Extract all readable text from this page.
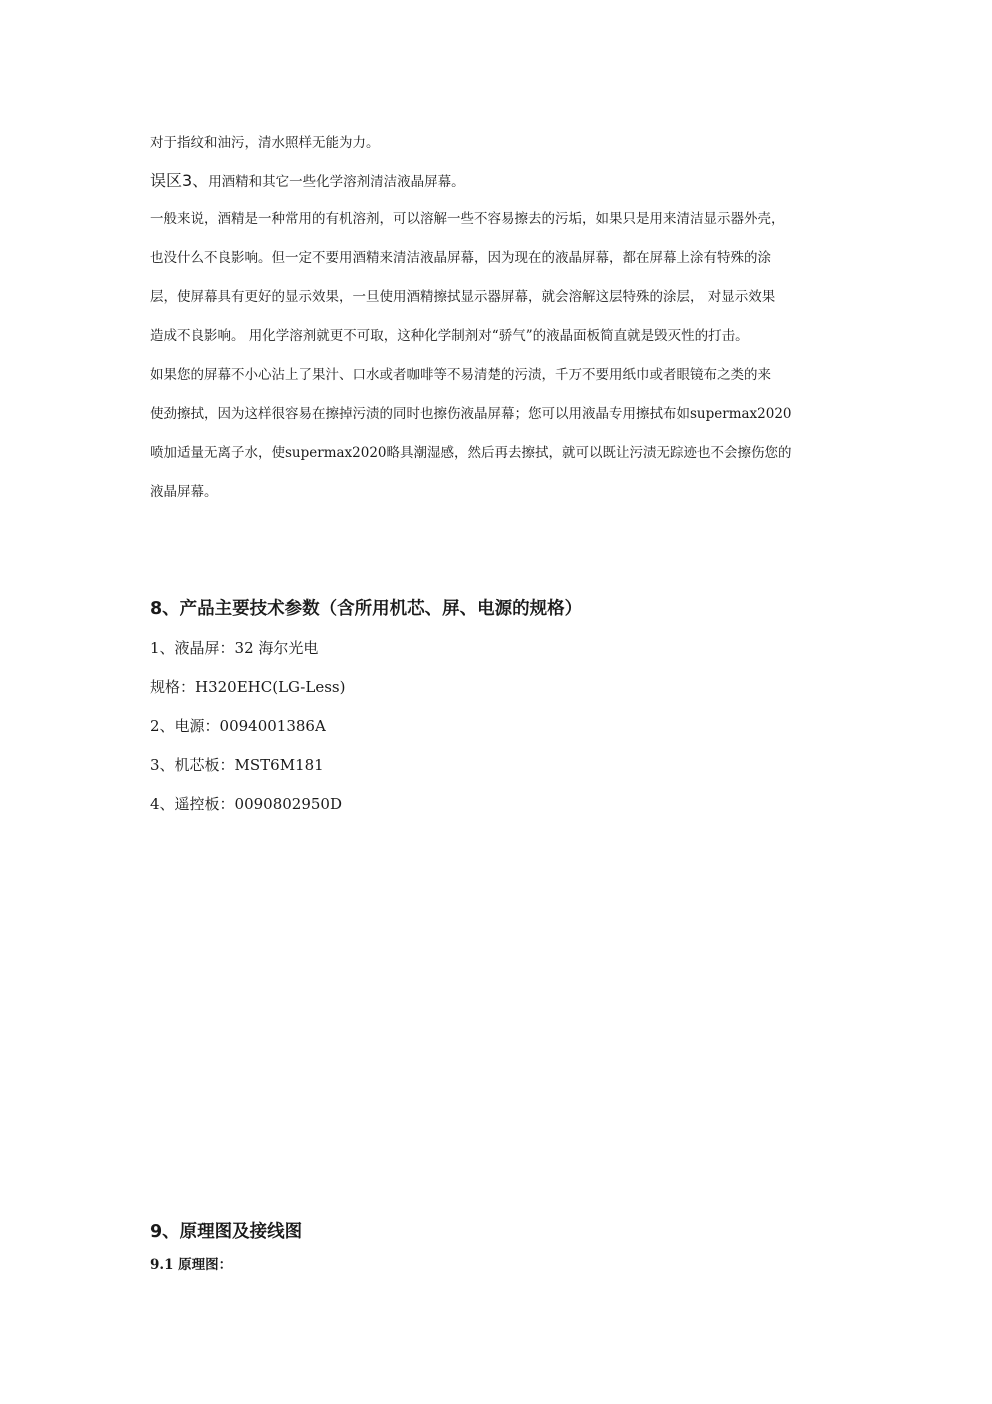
对于指纹和油污，清水照样无能为力。
误区3、用酒精和其它一些化学溶剂清洁液晶屏幕。
一般来说，酒精是一种常用的有机溶剂，可以溶解一些不容易擦去的污垢，如果只是用来清洁显示器外壳，
也没什么不良影响。但一定不要用酒精来清洁液晶屏幕，因为现在的液晶屏幕，都在屏幕上涂有特殊的涂
层，使屏幕具有更好的显示效果，一旦使用酒精擦拭显示器屏幕，就会溶解这层特殊的涂层， 对显示效果
造成不良影响。 用化学溶剂就更不可取，这种化学制剂对“骄气”的液晶面板简直就是毁灭性的打击。
如果您的屏幕不小心沾上了果汁、口水或者咖啡等不易清楚的污渍，千万不要用纸巾或者眼镜布之类的来
使劲擦拭，因为这样很容易在擦掉污渍的同时也擦伤液晶屏幕；您可以用液晶专用擦拭布如supermax2020
喷加适量无离子水，使supermax2020略具潮湿感，然后再去擦拭，就可以既让污渍无踪迹也不会擦伤您的
液晶屏幕。
8、产品主要技术参数（含所用机芯、屏、电源的规格）
1、液晶屏：32 海尔光电
规格：H320EHC(LG-Less)
2、电源：0094001386A
3、机芯板：MST6M181
4、遥控板：0090802950D
9、原理图及接线图
9.1 原理图：
